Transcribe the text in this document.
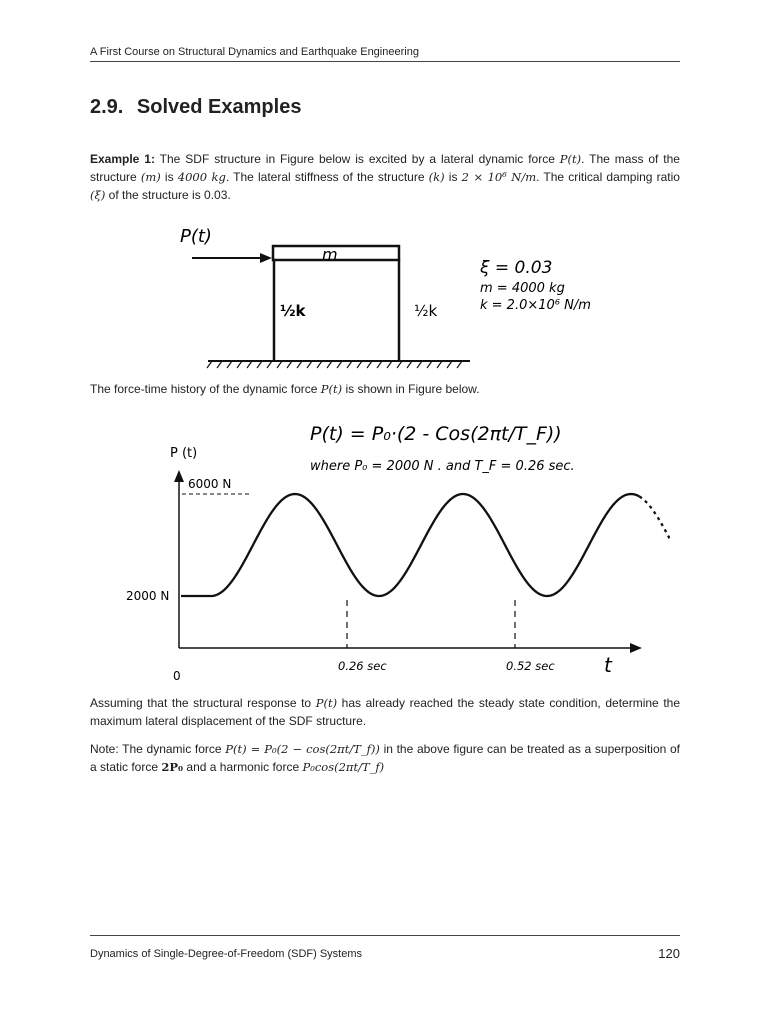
A First Course on Structural Dynamics and Earthquake Engineering
2.9. Solved Examples
Example 1: The SDF structure in Figure below is excited by a lateral dynamic force P(t). The mass of the structure (m) is 4000 kg. The lateral stiffness of the structure (k) is 2 × 10⁶ N/m. The critical damping ratio (ξ) of the structure is 0.03.
P(t)
m
½k	½k
ξ = 0.03
m = 4000 kg
k = 2.0×10⁶ N/m
The force-time history of the dynamic force P(t) is shown in Figure below.
P(t) = P₀·(2 - Cos(2πt/T_F))
where P₀ = 2000 N . and T_F = 0.26 sec.
P (t)
t
0
6000 N
2000 N
0.26 sec	0.52 sec
Assuming that the structural response to P(t) has already reached the steady state condition, determine the maximum lateral displacement of the SDF structure.
Note: The dynamic force P(t) = P₀(2 − cos(2πt/T_f)) in the above figure can be treated as a superposition of a static force 2P₀ and a harmonic force P₀cos(2πt/T_f)
Dynamics of Single-Degree-of-Freedom (SDF) Systems	120
